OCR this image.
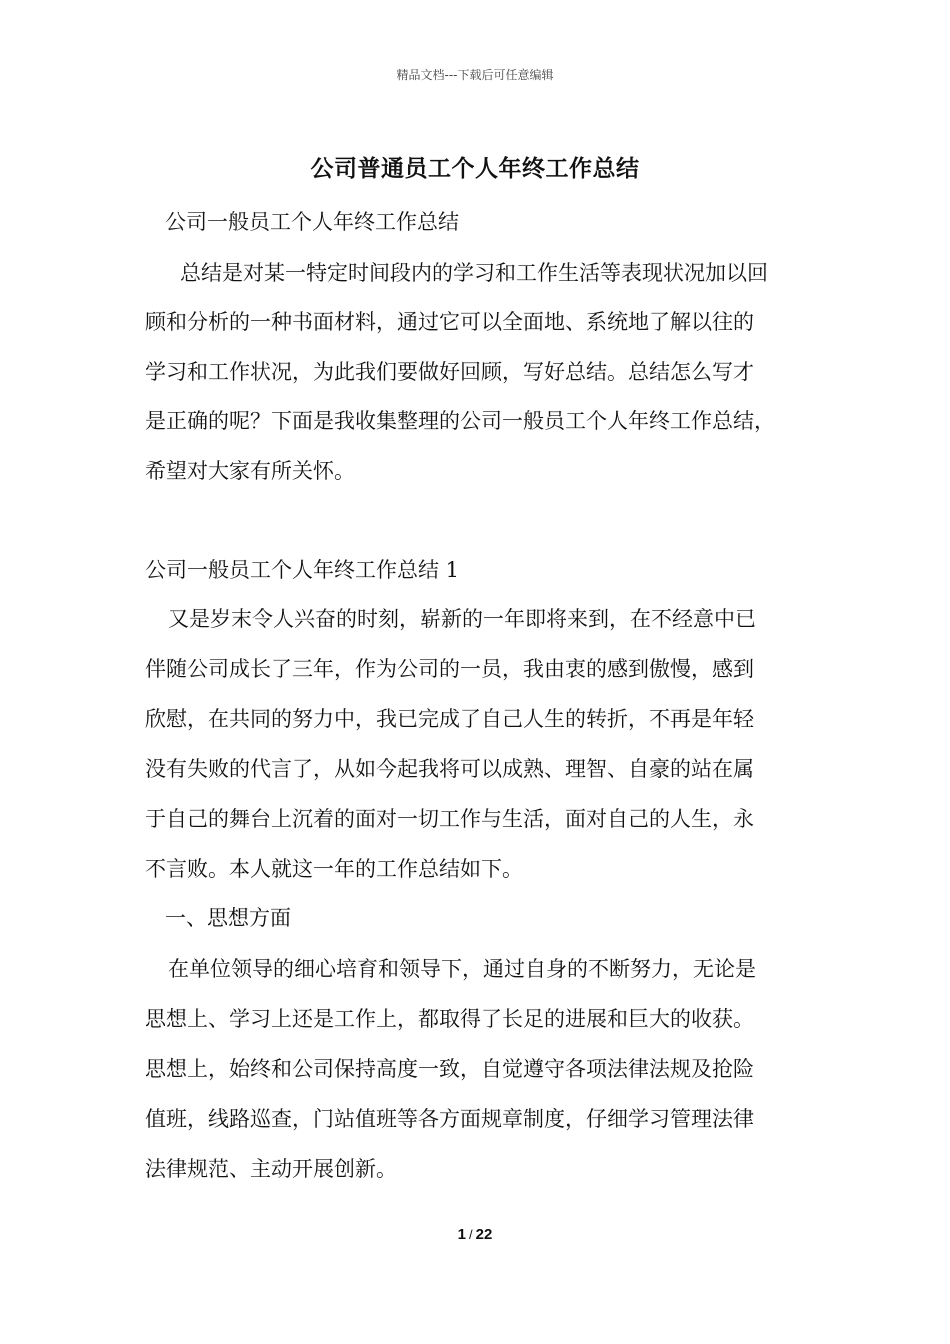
精品文档---下载后可任意编辑
公司普通员工个人年终工作总结
公司一般员工个人年终工作总结
总结是对某一特定时间段内的学习和工作生活等表现状况加以回
顾和分析的一种书面材料，通过它可以全面地、系统地了解以往的
学习和工作状况，为此我们要做好回顾，写好总结。总结怎么写才
是正确的呢？下面是我收集整理的公司一般员工个人年终工作总结，
希望对大家有所关怀。
公司一般员工个人年终工作总结 1
又是岁末令人兴奋的时刻，崭新的一年即将来到，在不经意中已
伴随公司成长了三年，作为公司的一员，我由衷的感到傲慢，感到
欣慰，在共同的努力中，我已完成了自己人生的转折，不再是年轻
没有失败的代言了，从如今起我将可以成熟、理智、自豪的站在属
于自己的舞台上沉着的面对一切工作与生活，面对自己的人生，永
不言败。本人就这一年的工作总结如下。
一、思想方面
在单位领导的细心培育和领导下，通过自身的不断努力，无论是
思想上、学习上还是工作上，都取得了长足的进展和巨大的收获。
思想上，始终和公司保持高度一致，自觉遵守各项法律法规及抢险
值班，线路巡查，门站值班等各方面规章制度，仔细学习管理法律
法律规范、主动开展创新。
1 / 22
